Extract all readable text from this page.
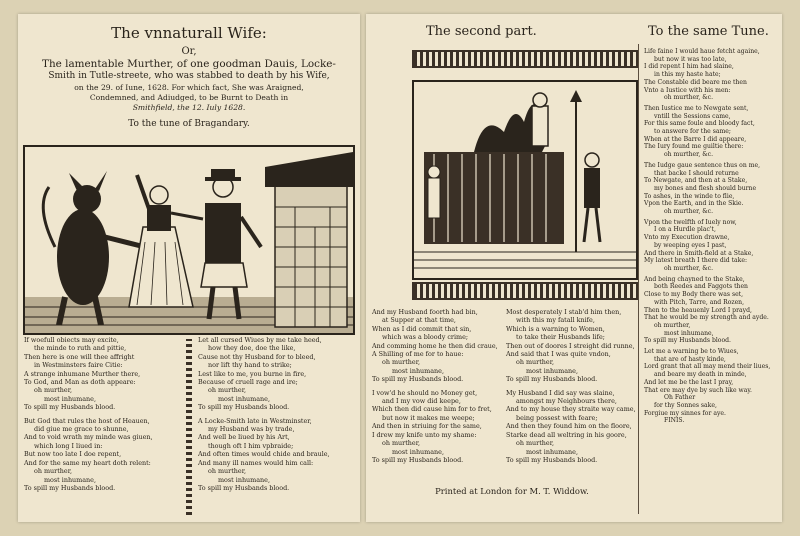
The vnnaturall Wife:
Or,
The lamentable Murther, of one goodman Dauis, Locke-
Smith in Tutle-streete, who was stabbed to death by his Wife,
on the 29. of Iune, 1628. For which fact, She was Araigned,
Condemned, and Adiudged, to be Burnt to Death in
Smithfield, the 12. Iuly 1628.
To the tune of Bragandary.
If woefull obiects may excite,
the minde to ruth and pittie,
Then here is one will thee affright
in Westminsters faire Citie:
A strange inhumane Murther there,
To God, and Man as doth appeare:
oh murther,
most inhumane,
To spill my Husbands blood.
But God that rules the host of Heauen,
did giue me grace to shunne,
And to void wrath my minde was giuen,
which long I liued in:
But now too late I doe repent,
And for the same my heart doth relent:
oh murther,
most inhumane,
To spill my Husbands blood.
Let all cursed Wiues by me take heed,
how they doe, doe the like,
Cause not thy Husband for to bleed,
nor lift thy hand to strike;
Lest like to me, you burne in fire,
Because of cruell rage and ire;
oh murther,
most inhumane,
To spill my Husbands blood.
A Locke-Smith late in Westminster,
my Husband was by trade,
And well be liued by his Art,
though oft I him vpbraide;
And often times would chide and braule,
And many ill names would him call:
oh murther,
most inhumane,
To spill my Husbands blood.
The second part.	To the same Tune.
Life faine I would haue fetcht againe,
but now it was too late,
I did repent I him had slaine,
in this my haste hate;
The Constable did beare me then
Vnto a Iustice with his men:
oh murther, &c.
Then Iustice me to Newgate sent,
vntill the Sessions came,
For this same foule and bloody fact,
to answere for the same;
When at the Barre I did appeare,
The Iury found me guiltie there:
oh murther, &c.
The Iudge gaue sentence thus on me,
that backe I should returne
To Newgate, and then at a Stake,
my bones and flesh should burne
To ashes, in the winde to flie,
Vpon the Earth, and in the Skie.
oh murther, &c.
Vpon the twelfth of Iuely now,
I on a Hurdle plac't,
Vnto my Execution drawne,
by weeping eyes I past,
And there in Smith-field at a Stake,
My latest breath I there did take:
oh murther, &c.
And being chayned to the Stake,
both Reedes and Faggots then
Close to my Body there was set,
with Pitch, Tarre, and Rozen,
Then to the heauenly Lord I prayd,
That he would be my strength and ayde.
oh murther,
most inhumane,
To spill my Husbands blood.
Let me a warning be to Wiues,
that are of hasty kinde,
Lord grant that all may mend their liues,
and beare my death in minde,
And let me be the last I pray,
That ere may dye by such like way.
Oh Father
for thy Sonnes sake,
Forgiue my sinnes for aye.
FINIS.
And my Husband foorth had bin,
at Supper at that time,
When as I did commit that sin,
which was a bloody crime;
And comming home he then did craue,
A Shilling of me for to haue:
oh murther,
most inhumane,
To spill my Husbands blood.
I vow'd he should no Money get,
and I my vow did keepe,
Which then did cause him for to fret,
but now it makes me weepe;
And then in striuing for the same,
I drew my knife unto my shame:
oh murther,
most inhumane,
To spill my Husbands blood.
Most desperately I stab'd him then,
with this my fatall knife,
Which is a warning to Women,
to take their Husbands life;
Then out of doores I streight did runne,
And said that I was quite vndon,
oh murther,
most inhumane,
To spill my Husbands blood.
My Husband I did say was slaine,
amongst my Neighbours there,
And to my house they straite way came,
being possest with feare;
And then they found him on the floore,
Starke dead all weltring in his goore,
oh murther,
most inhumane,
To spill my Husbands blood.
Printed at London for M. T. Widdow.
